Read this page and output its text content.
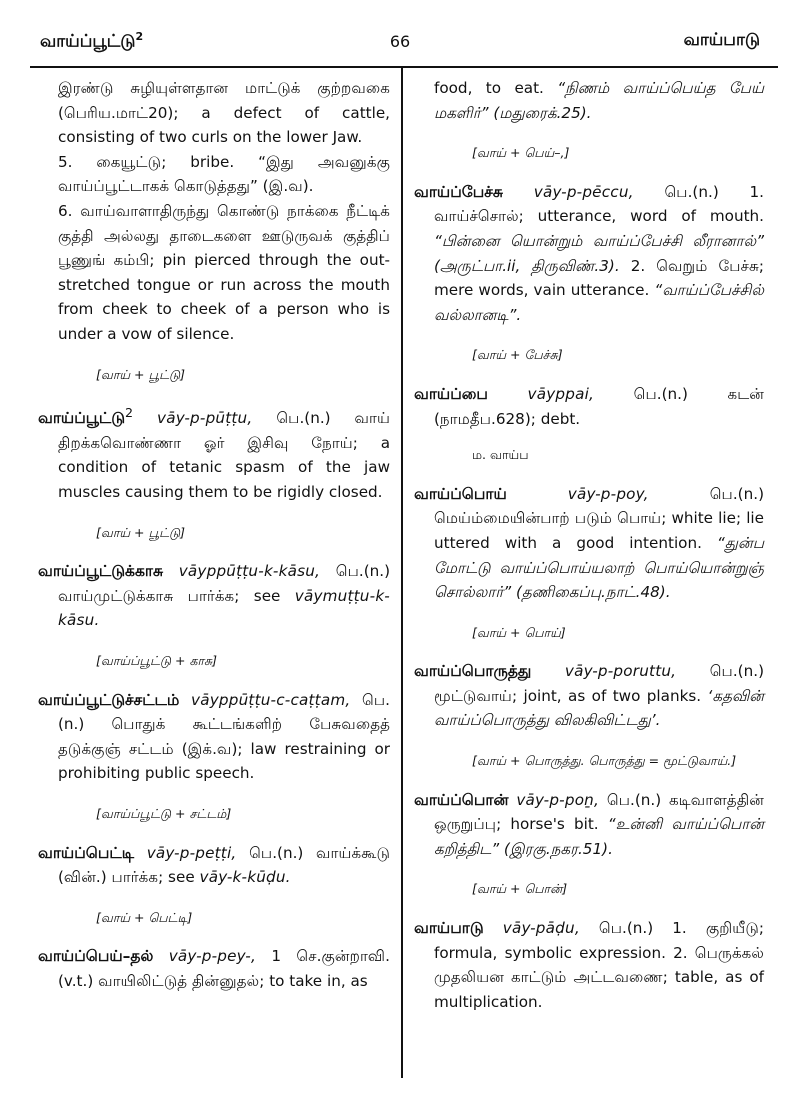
வாய்ப்பூட்டு$^2$	66	வாய்பாடு

இரண்டு சுழியுள்ளதான மாட்டுக் குற்றவகை (பெரிய.மாட்20); a defect of cattle, consisting of two curls on the lower Jaw.

5. கையூட்டு; bribe. “இது அவனுக்கு வாய்ப்பூட்டாகக் கொடுத்தது” (இ.வ).

6. வாய்வாளாதிருந்து கொண்டு நாக்கை நீட்டிக் குத்தி அல்லது தாடைகளை ஊடுருவக் குத்திப் பூணுங் கம்பி; pin pierced through the out-stretched tongue or run across the mouth from cheek to cheek of a person who is under a vow of silence.

[வாய் + பூட்டு]

வாய்ப்பூட்டு$^2$ vāy-p-pūṭṭu, பெ.(n.) வாய் திறக்கவொண்ணா ஓர் இசிவு நோய்; a condition of tetanic spasm of the jaw muscles causing them to be rigidly closed.

[வாய் + பூட்டு]

வாய்ப்பூட்டுக்காசு vāyppūṭṭu-k-kāsu, பெ.(n.) வாய்முட்டுக்காசு பார்க்க; see vāymuṭṭu-k-kāsu.

[வாய்ப்பூட்டு + காசு]

வாய்ப்பூட்டுச்சட்டம் vāyppūṭṭu-c-caṭṭam, பெ.(n.) பொதுக் கூட்டங்களிற் பேசுவதைத் தடுக்குஞ் சட்டம் (இக்.வ); law restraining or prohibiting public speech.

[வாய்ப்பூட்டு + சட்டம்]

வாய்ப்பெட்டி vāy-p-peṭṭi, பெ.(n.) வாய்க்கூடு (வின்.) பார்க்க; see vāy-k-kūḍu.

[வாய் + பெட்டி]

வாய்ப்பெய்–தல் vāy-p-pey-, 1 செ.குன்றாவி. (v.t.) வாயிலிட்டுத் தின்னுதல்; to take in, as

food, to eat. “நிணம் வாய்ப்பெய்த பேய் மகளிர்” (மதுரைக்.25).

[வாய் + பெய்–,]

வாய்ப்பேச்சு vāy-p-pēccu, பெ.(n.) 1. வாய்ச்சொல்; utterance, word of mouth. “பின்னை யொன்றும் வாய்ப்பேச்சி லீரானால்” (அருட்பா.ii, திருவிண்.3). 2. வெறும் பேச்சு; mere words, vain utterance. “வாய்ப்பேச்சில் வல்லானடி”.

[வாய் + பேச்சு]

வாய்ப்பை	vāyppai,	பெ.(n.) கடன் (நாமதீப.628); debt.

ம. வாய்ப

வாய்ப்பொய்	vāy-p-poy,	பெ.(n.) மெய்ம்மையின்பாற் படும் பொய்; white lie; lie uttered with a good intention. “துன்ப மோட்டு வாய்ப்பொய்யலாற் பொய்யொன்றுஞ் சொல்லார்” (தணிகைப்பு.நாட்.48).

[வாய் + பொய்]

வாய்ப்பொருத்து vāy-p-poruttu, பெ.(n.) மூட்டுவாய்; joint, as of two planks. ‘கதவின் வாய்ப்பொருத்து விலகிவிட்டது’.

[வாய் + பொருத்து. பொருத்து = மூட்டுவாய்.]

வாய்ப்பொன் vāy-p-poṉ, பெ.(n.) கடிவாளத்தின் ஒருறுப்பு; horse's bit. “உன்னி வாய்ப்பொன் கறித்திட” (இரகு.நகர.51).

[வாய் + பொன்]

வாய்பாடு vāy-pāḍu, பெ.(n.) 1. குறியீடு; formula, symbolic expression. 2. பெருக்கல் முதலியன காட்டும் அட்டவணை; table, as of multiplication.
